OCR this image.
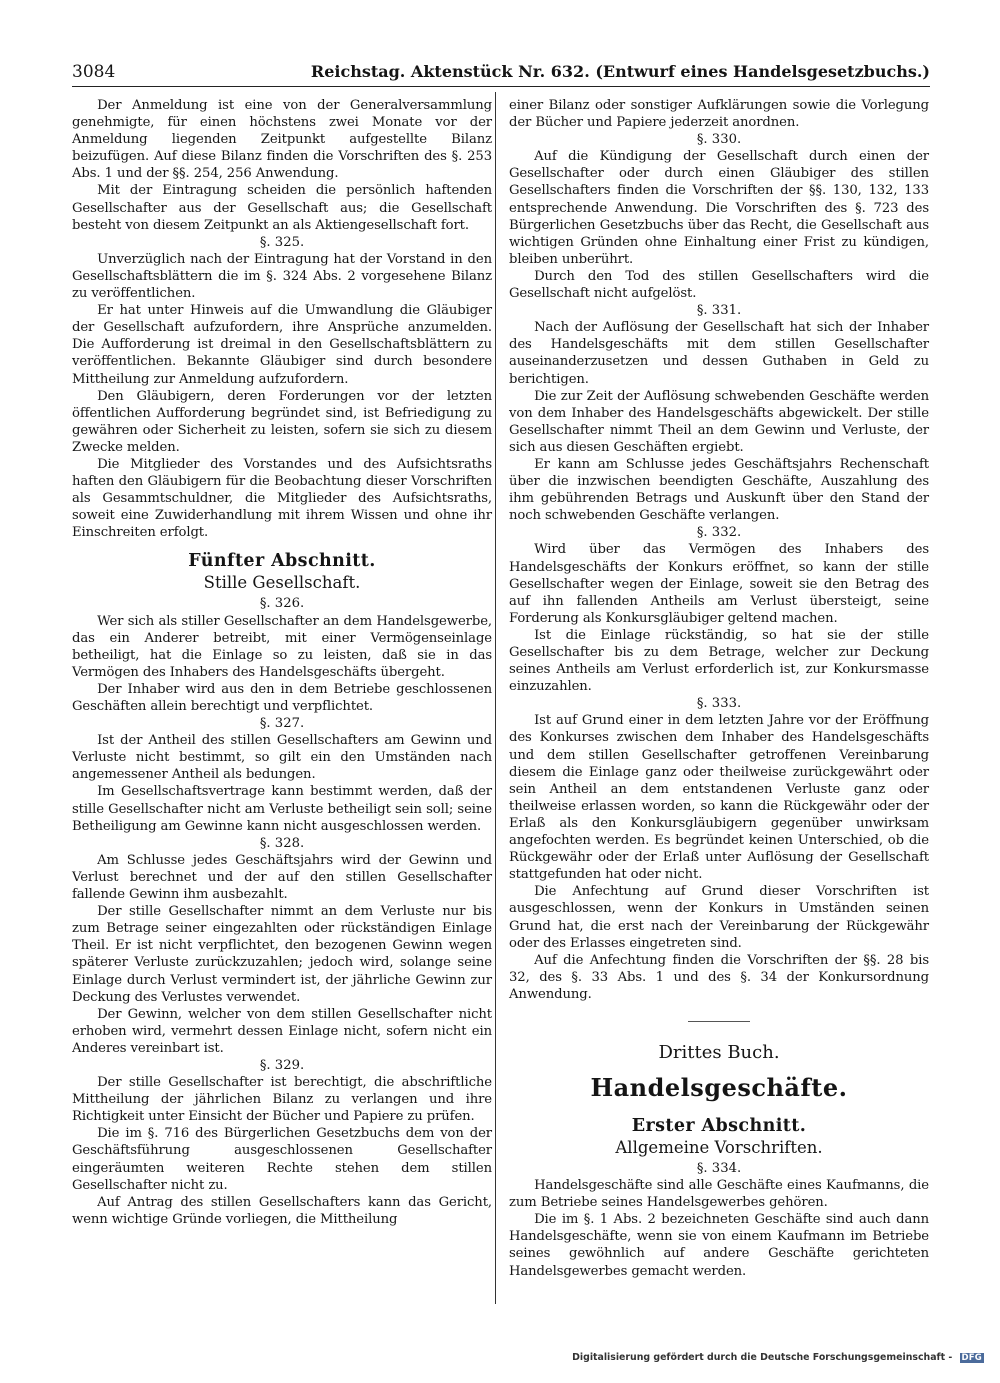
3084	Reichstag. Aktenstück Nr. 632. (Entwurf eines Handelsgesetzbuchs.)

Der Anmeldung ist eine von der Generalversammlung genehmigte, für einen höchstens zwei Monate vor der Anmeldung liegenden Zeitpunkt aufgestellte Bilanz beizufügen. Auf diese Bilanz finden die Vorschriften des §. 253 Abs. 1 und der §§. 254, 256 Anwendung.

Mit der Eintragung scheiden die persönlich haftenden Gesellschafter aus der Gesellschaft aus; die Gesellschaft besteht von diesem Zeitpunkt an als Aktiengesellschaft fort.

§. 325.

Unverzüglich nach der Eintragung hat der Vorstand in den Gesellschaftsblättern die im §. 324 Abs. 2 vorgesehene Bilanz zu veröffentlichen.

Er hat unter Hinweis auf die Umwandlung die Gläubiger der Gesellschaft aufzufordern, ihre Ansprüche anzumelden. Die Aufforderung ist dreimal in den Gesellschaftsblättern zu veröffentlichen. Bekannte Gläubiger sind durch besondere Mittheilung zur Anmeldung aufzufordern.

Den Gläubigern, deren Forderungen vor der letzten öffentlichen Aufforderung begründet sind, ist Befriedigung zu gewähren oder Sicherheit zu leisten, sofern sie sich zu diesem Zwecke melden.

Die Mitglieder des Vorstandes und des Aufsichtsraths haften den Gläubigern für die Beobachtung dieser Vorschriften als Gesammtschuldner, die Mitglieder des Aufsichtsraths, soweit eine Zuwiderhandlung mit ihrem Wissen und ohne ihr Einschreiten erfolgt.

Fünfter Abschnitt.
Stille Gesellschaft.
§. 326.

Wer sich als stiller Gesellschafter an dem Handelsgewerbe, das ein Anderer betreibt, mit einer Vermögenseinlage betheiligt, hat die Einlage so zu leisten, daß sie in das Vermögen des Inhabers des Handelsgeschäfts übergeht.

Der Inhaber wird aus den in dem Betriebe geschlossenen Geschäften allein berechtigt und verpflichtet.

§. 327.

Ist der Antheil des stillen Gesellschafters am Gewinn und Verluste nicht bestimmt, so gilt ein den Umständen nach angemessener Antheil als bedungen.

Im Gesellschaftsvertrage kann bestimmt werden, daß der stille Gesellschafter nicht am Verluste betheiligt sein soll; seine Betheiligung am Gewinne kann nicht ausgeschlossen werden.

§. 328.

Am Schlusse jedes Geschäftsjahrs wird der Gewinn und Verlust berechnet und der auf den stillen Gesellschafter fallende Gewinn ihm ausbezahlt.

Der stille Gesellschafter nimmt an dem Verluste nur bis zum Betrage seiner eingezahlten oder rückständigen Einlage Theil. Er ist nicht verpflichtet, den bezogenen Gewinn wegen späterer Verluste zurückzuzahlen; jedoch wird, solange seine Einlage durch Verlust vermindert ist, der jährliche Gewinn zur Deckung des Verlustes verwendet.

Der Gewinn, welcher von dem stillen Gesellschafter nicht erhoben wird, vermehrt dessen Einlage nicht, sofern nicht ein Anderes vereinbart ist.

§. 329.

Der stille Gesellschafter ist berechtigt, die abschriftliche Mittheilung der jährlichen Bilanz zu verlangen und ihre Richtigkeit unter Einsicht der Bücher und Papiere zu prüfen.

Die im §. 716 des Bürgerlichen Gesetzbuchs dem von der Geschäftsführung ausgeschlossenen Gesellschafter eingeräumten weiteren Rechte stehen dem stillen Gesellschafter nicht zu.

Auf Antrag des stillen Gesellschafters kann das Gericht, wenn wichtige Gründe vorliegen, die Mittheilung

einer Bilanz oder sonstiger Aufklärungen sowie die Vorlegung der Bücher und Papiere jederzeit anordnen.

§. 330.

Auf die Kündigung der Gesellschaft durch einen der Gesellschafter oder durch einen Gläubiger des stillen Gesellschafters finden die Vorschriften der §§. 130, 132, 133 entsprechende Anwendung. Die Vorschriften des §. 723 des Bürgerlichen Gesetzbuchs über das Recht, die Gesellschaft aus wichtigen Gründen ohne Einhaltung einer Frist zu kündigen, bleiben unberührt.

Durch den Tod des stillen Gesellschafters wird die Gesellschaft nicht aufgelöst.

§. 331.

Nach der Auflösung der Gesellschaft hat sich der Inhaber des Handelsgeschäfts mit dem stillen Gesellschafter auseinanderzusetzen und dessen Guthaben in Geld zu berichtigen.

Die zur Zeit der Auflösung schwebenden Geschäfte werden von dem Inhaber des Handelsgeschäfts abgewickelt. Der stille Gesellschafter nimmt Theil an dem Gewinn und Verluste, der sich aus diesen Geschäften ergiebt.

Er kann am Schlusse jedes Geschäftsjahrs Rechenschaft über die inzwischen beendigten Geschäfte, Auszahlung des ihm gebührenden Betrags und Auskunft über den Stand der noch schwebenden Geschäfte verlangen.

§. 332.

Wird über das Vermögen des Inhabers des Handelsgeschäfts der Konkurs eröffnet, so kann der stille Gesellschafter wegen der Einlage, soweit sie den Betrag des auf ihn fallenden Antheils am Verlust übersteigt, seine Forderung als Konkursgläubiger geltend machen.

Ist die Einlage rückständig, so hat sie der stille Gesellschafter bis zu dem Betrage, welcher zur Deckung seines Antheils am Verlust erforderlich ist, zur Konkursmasse einzuzahlen.

§. 333.

Ist auf Grund einer in dem letzten Jahre vor der Eröffnung des Konkurses zwischen dem Inhaber des Handelsgeschäfts und dem stillen Gesellschafter getroffenen Vereinbarung diesem die Einlage ganz oder theilweise zurückgewährt oder sein Antheil an dem entstandenen Verluste ganz oder theilweise erlassen worden, so kann die Rückgewähr oder der Erlaß als den Konkursgläubigern gegenüber unwirksam angefochten werden. Es begründet keinen Unterschied, ob die Rückgewähr oder der Erlaß unter Auflösung der Gesellschaft stattgefunden hat oder nicht.

Die Anfechtung auf Grund dieser Vorschriften ist ausgeschlossen, wenn der Konkurs in Umständen seinen Grund hat, die erst nach der Vereinbarung der Rückgewähr oder des Erlasses eingetreten sind.

Auf die Anfechtung finden die Vorschriften der §§. 28 bis 32, des §. 33 Abs. 1 und des §. 34 der Konkursordnung Anwendung.

Drittes Buch.
Handelsgeschäfte.
Erster Abschnitt.
Allgemeine Vorschriften.
§. 334.

Handelsgeschäfte sind alle Geschäfte eines Kaufmanns, die zum Betriebe seines Handelsgewerbes gehören.

Die im §. 1 Abs. 2 bezeichneten Geschäfte sind auch dann Handelsgeschäfte, wenn sie von einem Kaufmann im Betriebe seines gewöhnlich auf andere Geschäfte gerichteten Handelsgewerbes gemacht werden.

Digitalisierung gefördert durch die Deutsche Forschungsgemeinschaft - DFG
